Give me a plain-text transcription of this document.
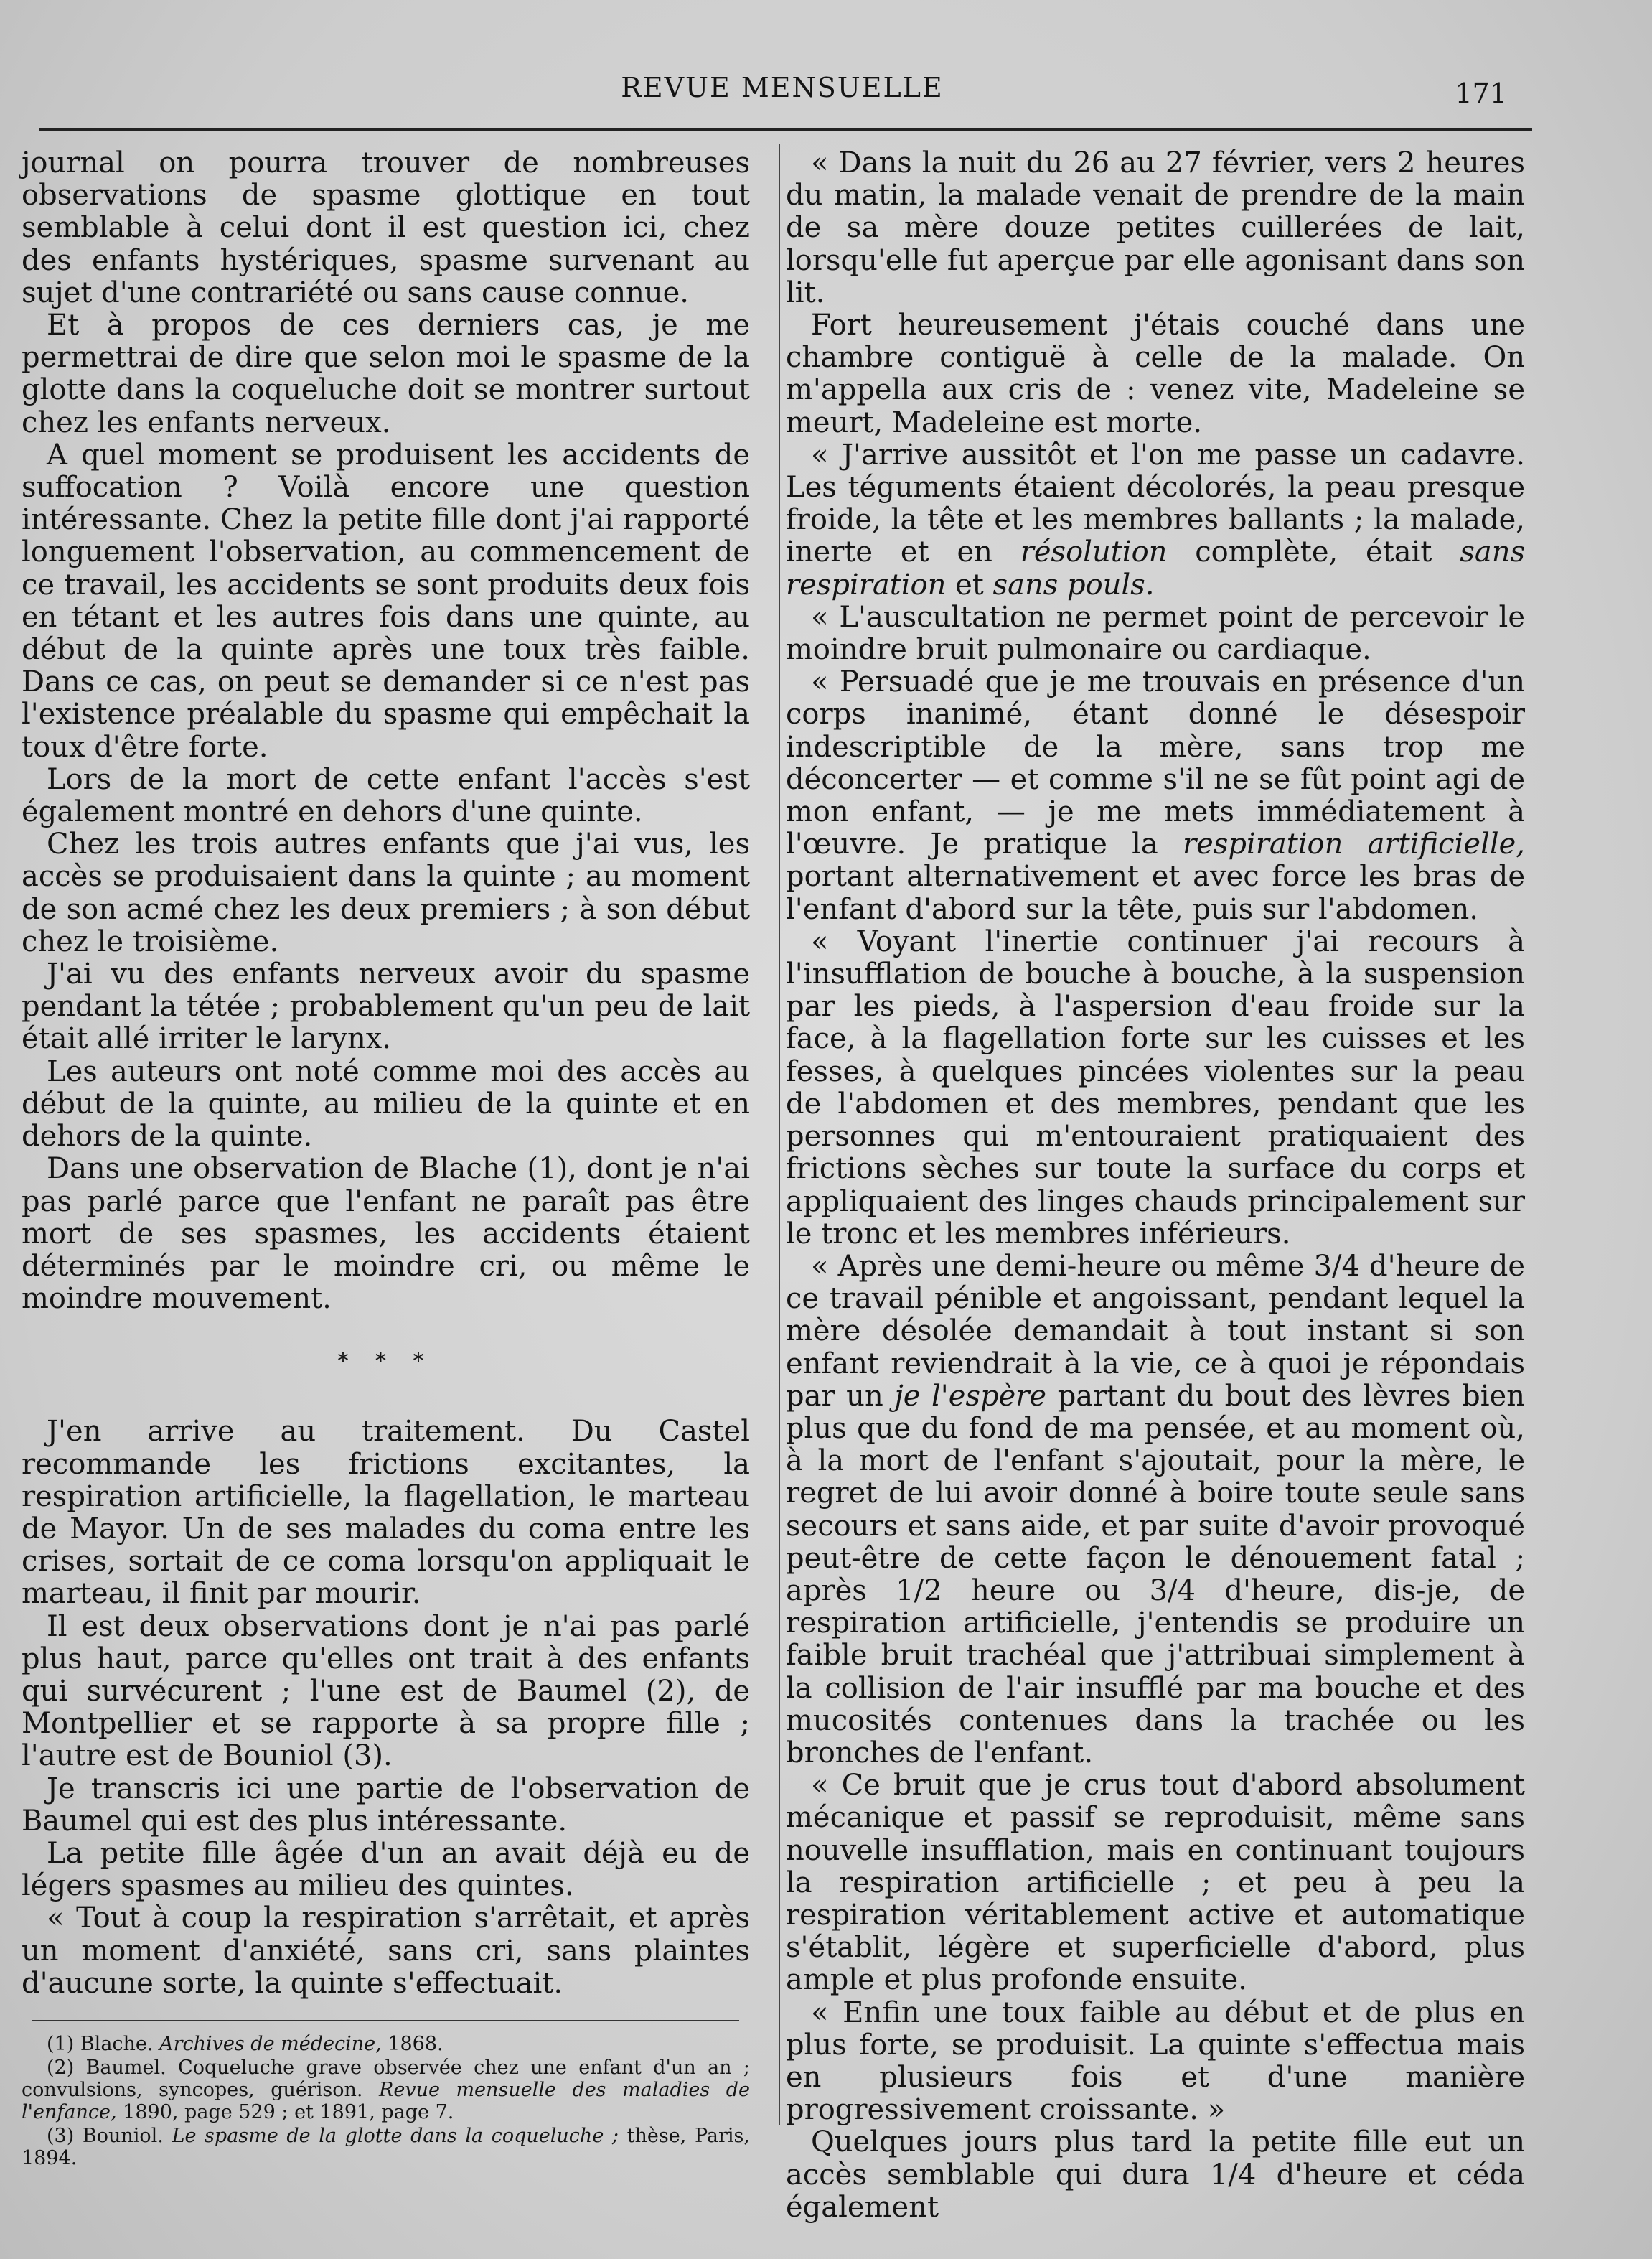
REVUE MENSUELLE	171

journal on pourra trouver de nombreuses observations de spasme glottique en tout semblable à celui dont il est question ici, chez des enfants hystériques, spasme survenant au sujet d'une contrariété ou sans cause connue.

Et à propos de ces derniers cas, je me permettrai de dire que selon moi le spasme de la glotte dans la coqueluche doit se montrer surtout chez les enfants nerveux.

A quel moment se produisent les accidents de suffocation ? Voilà encore une question intéressante. Chez la petite fille dont j'ai rapporté longuement l'observation, au commencement de ce travail, les accidents se sont produits deux fois en tétant et les autres fois dans une quinte, au début de la quinte après une toux très faible. Dans ce cas, on peut se demander si ce n'est pas l'existence préalable du spasme qui empêchait la toux d'être forte.

Lors de la mort de cette enfant l'accès s'est également montré en dehors d'une quinte.

Chez les trois autres enfants que j'ai vus, les accès se produisaient dans la quinte ; au moment de son acmé chez les deux premiers ; à son début chez le troisième.

J'ai vu des enfants nerveux avoir du spasme pendant la tétée ; probablement qu'un peu de lait était allé irriter le larynx.

Les auteurs ont noté comme moi des accès au début de la quinte, au milieu de la quinte et en dehors de la quinte.

Dans une observation de Blache (1), dont je n'ai pas parlé parce que l'enfant ne paraît pas être mort de ses spasmes, les accidents étaient déterminés par le moindre cri, ou même le moindre mouvement.

* * *

J'en arrive au traitement. Du Castel recommande les frictions excitantes, la respiration artificielle, la flagellation, le marteau de Mayor. Un de ses malades du coma entre les crises, sortait de ce coma lorsqu'on appliquait le marteau, il finit par mourir.

Il est deux observations dont je n'ai pas parlé plus haut, parce qu'elles ont trait à des enfants qui survécurent ; l'une est de Baumel (2), de Montpellier et se rapporte à sa propre fille ; l'autre est de Bouniol (3).

Je transcris ici une partie de l'observation de Baumel qui est des plus intéressante.

La petite fille âgée d'un an avait déjà eu de légers spasmes au milieu des quintes.

« Tout à coup la respiration s'arrêtait, et après un moment d'anxiété, sans cri, sans plaintes d'aucune sorte, la quinte s'effectuait.

(1) Blache. Archives de médecine, 1868.

(2) Baumel. Coqueluche grave observée chez une enfant d'un an ; convulsions, syncopes, guérison. Revue mensuelle des maladies de l'enfance, 1890, page 529 ; et 1891, page 7.

(3) Bouniol. Le spasme de la glotte dans la coqueluche ; thèse, Paris, 1894.

« Dans la nuit du 26 au 27 février, vers 2 heures du matin, la malade venait de prendre de la main de sa mère douze petites cuillerées de lait, lorsqu'elle fut aperçue par elle agonisant dans son lit.

Fort heureusement j'étais couché dans une chambre contiguë à celle de la malade. On m'appella aux cris de : venez vite, Madeleine se meurt, Madeleine est morte.

« J'arrive aussitôt et l'on me passe un cadavre. Les téguments étaient décolorés, la peau presque froide, la tête et les membres ballants ; la malade, inerte et en résolution complète, était sans respiration et sans pouls.

« L'auscultation ne permet point de percevoir le moindre bruit pulmonaire ou cardiaque.

« Persuadé que je me trouvais en présence d'un corps inanimé, étant donné le désespoir indescriptible de la mère, sans trop me déconcerter — et comme s'il ne se fût point agi de mon enfant, — je me mets immédiatement à l'œuvre. Je pratique la respiration artificielle, portant alternativement et avec force les bras de l'enfant d'abord sur la tête, puis sur l'abdomen.

« Voyant l'inertie continuer j'ai recours à l'insufflation de bouche à bouche, à la suspension par les pieds, à l'aspersion d'eau froide sur la face, à la flagellation forte sur les cuisses et les fesses, à quelques pincées violentes sur la peau de l'abdomen et des membres, pendant que les personnes qui m'entouraient pratiquaient des frictions sèches sur toute la surface du corps et appliquaient des linges chauds principalement sur le tronc et les membres inférieurs.

« Après une demi-heure ou même 3/4 d'heure de ce travail pénible et angoissant, pendant lequel la mère désolée demandait à tout instant si son enfant reviendrait à la vie, ce à quoi je répondais par un je l'espère partant du bout des lèvres bien plus que du fond de ma pensée, et au moment où, à la mort de l'enfant s'ajoutait, pour la mère, le regret de lui avoir donné à boire toute seule sans secours et sans aide, et par suite d'avoir provoqué peut-être de cette façon le dénouement fatal ; après 1/2 heure ou 3/4 d'heure, dis-je, de respiration artificielle, j'entendis se produire un faible bruit trachéal que j'attribuai simplement à la collision de l'air insufflé par ma bouche et des mucosités contenues dans la trachée ou les bronches de l'enfant.

« Ce bruit que je crus tout d'abord absolument mécanique et passif se reproduisit, même sans nouvelle insufflation, mais en continuant toujours la respiration artificielle ; et peu à peu la respiration véritablement active et automatique s'établit, légère et superficielle d'abord, plus ample et plus profonde ensuite.

« Enfin une toux faible au début et de plus en plus forte, se produisit. La quinte s'effectua mais en plusieurs fois et d'une manière progressivement croissante. »

Quelques jours plus tard la petite fille eut un accès semblable qui dura 1/4 d'heure et céda également
